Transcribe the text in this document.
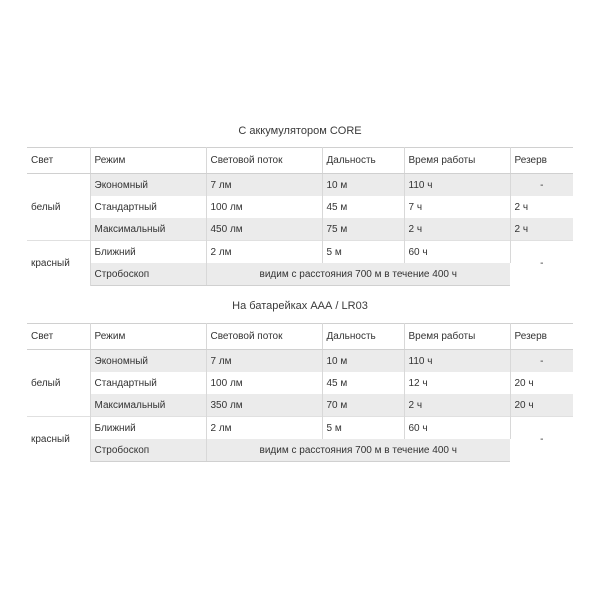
С аккумулятором CORE
Свет	Режим	Световой поток	Дальность	Время работы	Резерв
белый	Экономный	7 лм	10 м	110 ч	-
	Стандартный	100 лм	45 м	7 ч	2 ч
	Максимальный	450 лм	75 м	2 ч	2 ч
красный	Ближний	2 лм	5 м	60 ч	-
	Стробоскоп	видим с расстояния 700 м в течение 400 ч			
На батарейках ААА / LR03
Свет	Режим	Световой поток	Дальность	Время работы	Резерв
белый	Экономный	7 лм	10 м	110 ч	-
	Стандартный	100 лм	45 м	12 ч	20 ч
	Максимальный	350 лм	70 м	2 ч	20 ч
красный	Ближний	2 лм	5 м	60 ч	-
	Стробоскоп	видим с расстояния 700 м в течение 400 ч			
